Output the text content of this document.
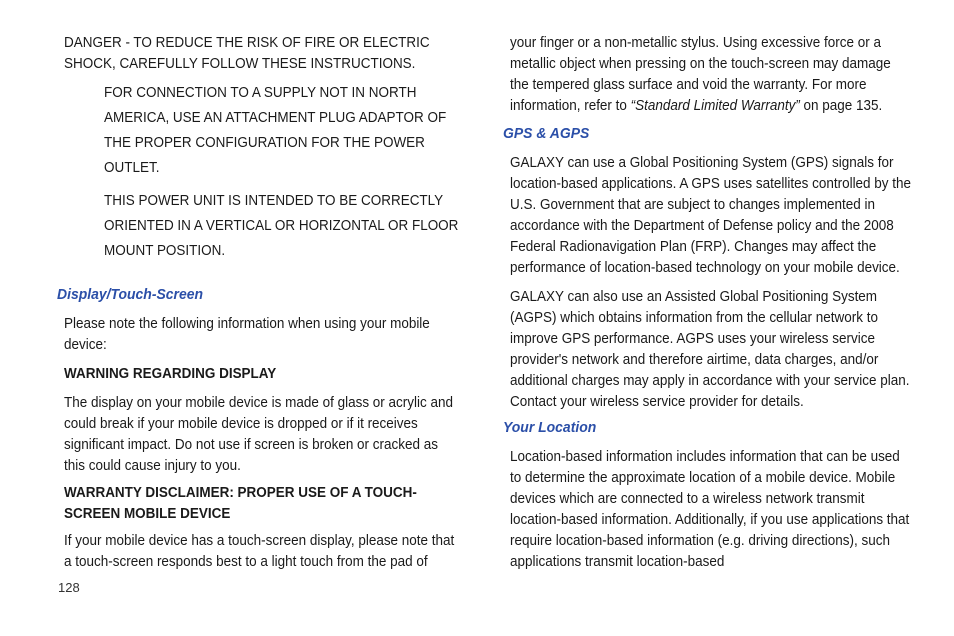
DANGER - TO REDUCE THE RISK OF FIRE OR ELECTRIC SHOCK, CAREFULLY FOLLOW THESE INSTRUCTIONS.

FOR CONNECTION TO A SUPPLY NOT IN NORTH AMERICA, USE AN ATTACHMENT PLUG ADAPTOR OF THE PROPER CONFIGURATION FOR THE POWER OUTLET.

THIS POWER UNIT IS INTENDED TO BE CORRECTLY ORIENTED IN A VERTICAL OR HORIZONTAL OR FLOOR MOUNT POSITION.

Display/Touch-Screen

Please note the following information when using your mobile device:

WARNING REGARDING DISPLAY

The display on your mobile device is made of glass or acrylic and could break if your mobile device is dropped or if it receives significant impact. Do not use if screen is broken or cracked as this could cause injury to you.

WARRANTY DISCLAIMER: PROPER USE OF A TOUCH-SCREEN MOBILE DEVICE

If your mobile device has a touch-screen display, please note that a touch-screen responds best to a light touch from the pad of

your finger or a non-metallic stylus. Using excessive force or a metallic object when pressing on the touch-screen may damage the tempered glass surface and void the warranty. For more information, refer to “Standard Limited Warranty” on page 135.

GPS & AGPS

GALAXY can use a Global Positioning System (GPS) signals for location-based applications. A GPS uses satellites controlled by the U.S. Government that are subject to changes implemented in accordance with the Department of Defense policy and the 2008 Federal Radionavigation Plan (FRP). Changes may affect the performance of location-based technology on your mobile device.

GALAXY can also use an Assisted Global Positioning System (AGPS) which obtains information from the cellular network to improve GPS performance. AGPS uses your wireless service provider's network and therefore airtime, data charges, and/or additional charges may apply in accordance with your service plan. Contact your wireless service provider for details.

Your Location

Location-based information includes information that can be used to determine the approximate location of a mobile device. Mobile devices which are connected to a wireless network transmit location-based information. Additionally, if you use applications that require location-based information (e.g. driving directions), such applications transmit location-based

128
